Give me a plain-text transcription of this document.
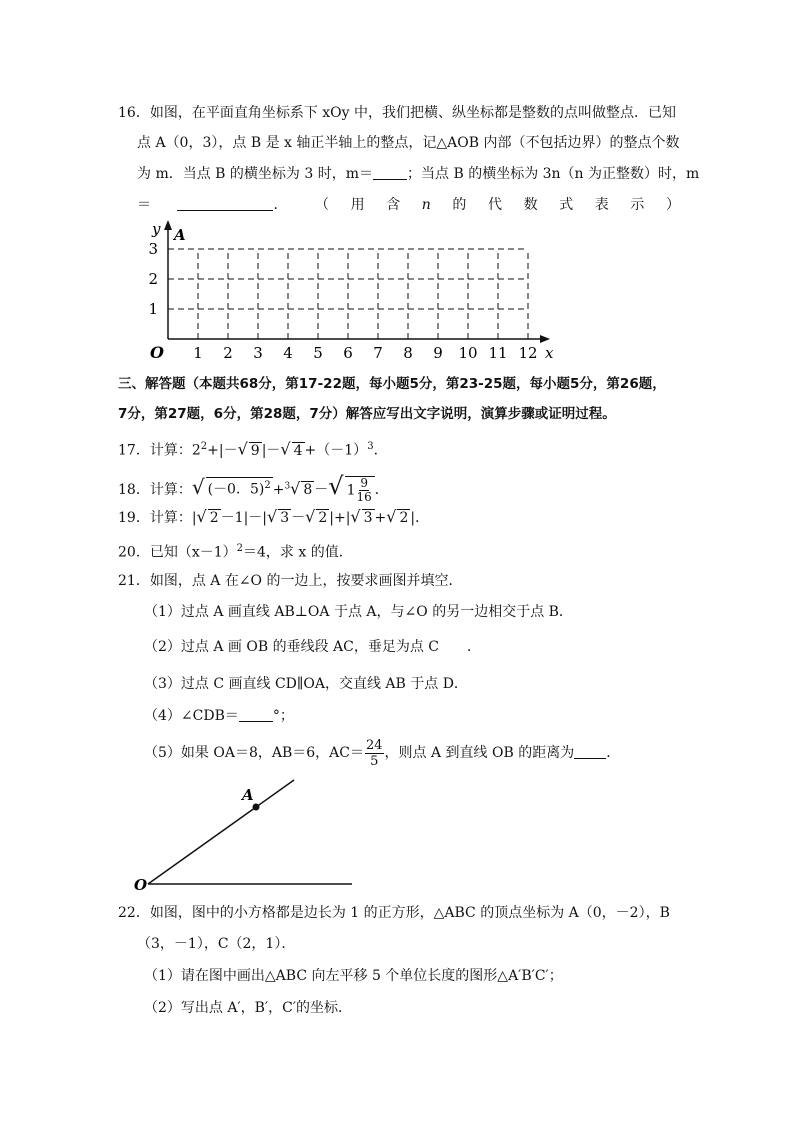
16．如图，在平面直角坐标系下 xOy 中，我们把横、纵坐标都是整数的点叫做整点．已知
点 A（0，3），点 B 是 x 轴正半轴上的整点，记△AOB 内部（不包括边界）的整点个数
为 m．当点 B 的横坐标为 3 时，m＝ ；当点 B 的横坐标为 3n（n 为正整数）时，m
＝	． （ 用 含 n 的 代 数 式 表 示 ）
y A
O	x
1 2 3 4 5 6 7 8 9 10 11 12
1
2
3
三、解答题（本题共68分，第17-22题，每小题5分，第23-25题，每小题5分，第26题，
7分，第27题，6分，第28题，7分）解答应写出文字说明，演算步骤或证明过程。
17．计算：$2^2+|-√$ 9 |－√ $4 +(-1)^3$．
18．计算：√ (－0．5)$^2$ +$^3$√ 8 －√ $1 \frac{9}{16}$ ．
19．计算：|√ 2 －1|－|√ 3 －√ 2 |+|√ 3 +√ 2 |．
20．已知$(x-1)^2=4$，求 x 的值．
21．如图，点 A 在∠O 的一边上，按要求画图并填空．
（1）过点 A 画直线 AB⊥OA 于点 A，与∠O 的另一边相交于点 B．
（2）过点 A 画 OB 的垂线段 AC，垂足为点 C　　．
（3）过点 C 画直线 CD∥OA，交直线 AB 于点 D．
（4）∠CDB＝ °；
（5）如果 OA＝8，AB＝6，$AC= \frac{24}{5}$ ，则点 A 到直线 OB 的距离为 ．
A
O
22．如图，图中的小方格都是边长为 1 的正方形，△ABC 的顶点坐标为 A（0，－2），B
（3，－1），C（2，1）．
（1）请在图中画出△ABC 向左平移 5 个单位长度的图形△A′B′C′；
（2）写出点 A′，B′，C′的坐标．
